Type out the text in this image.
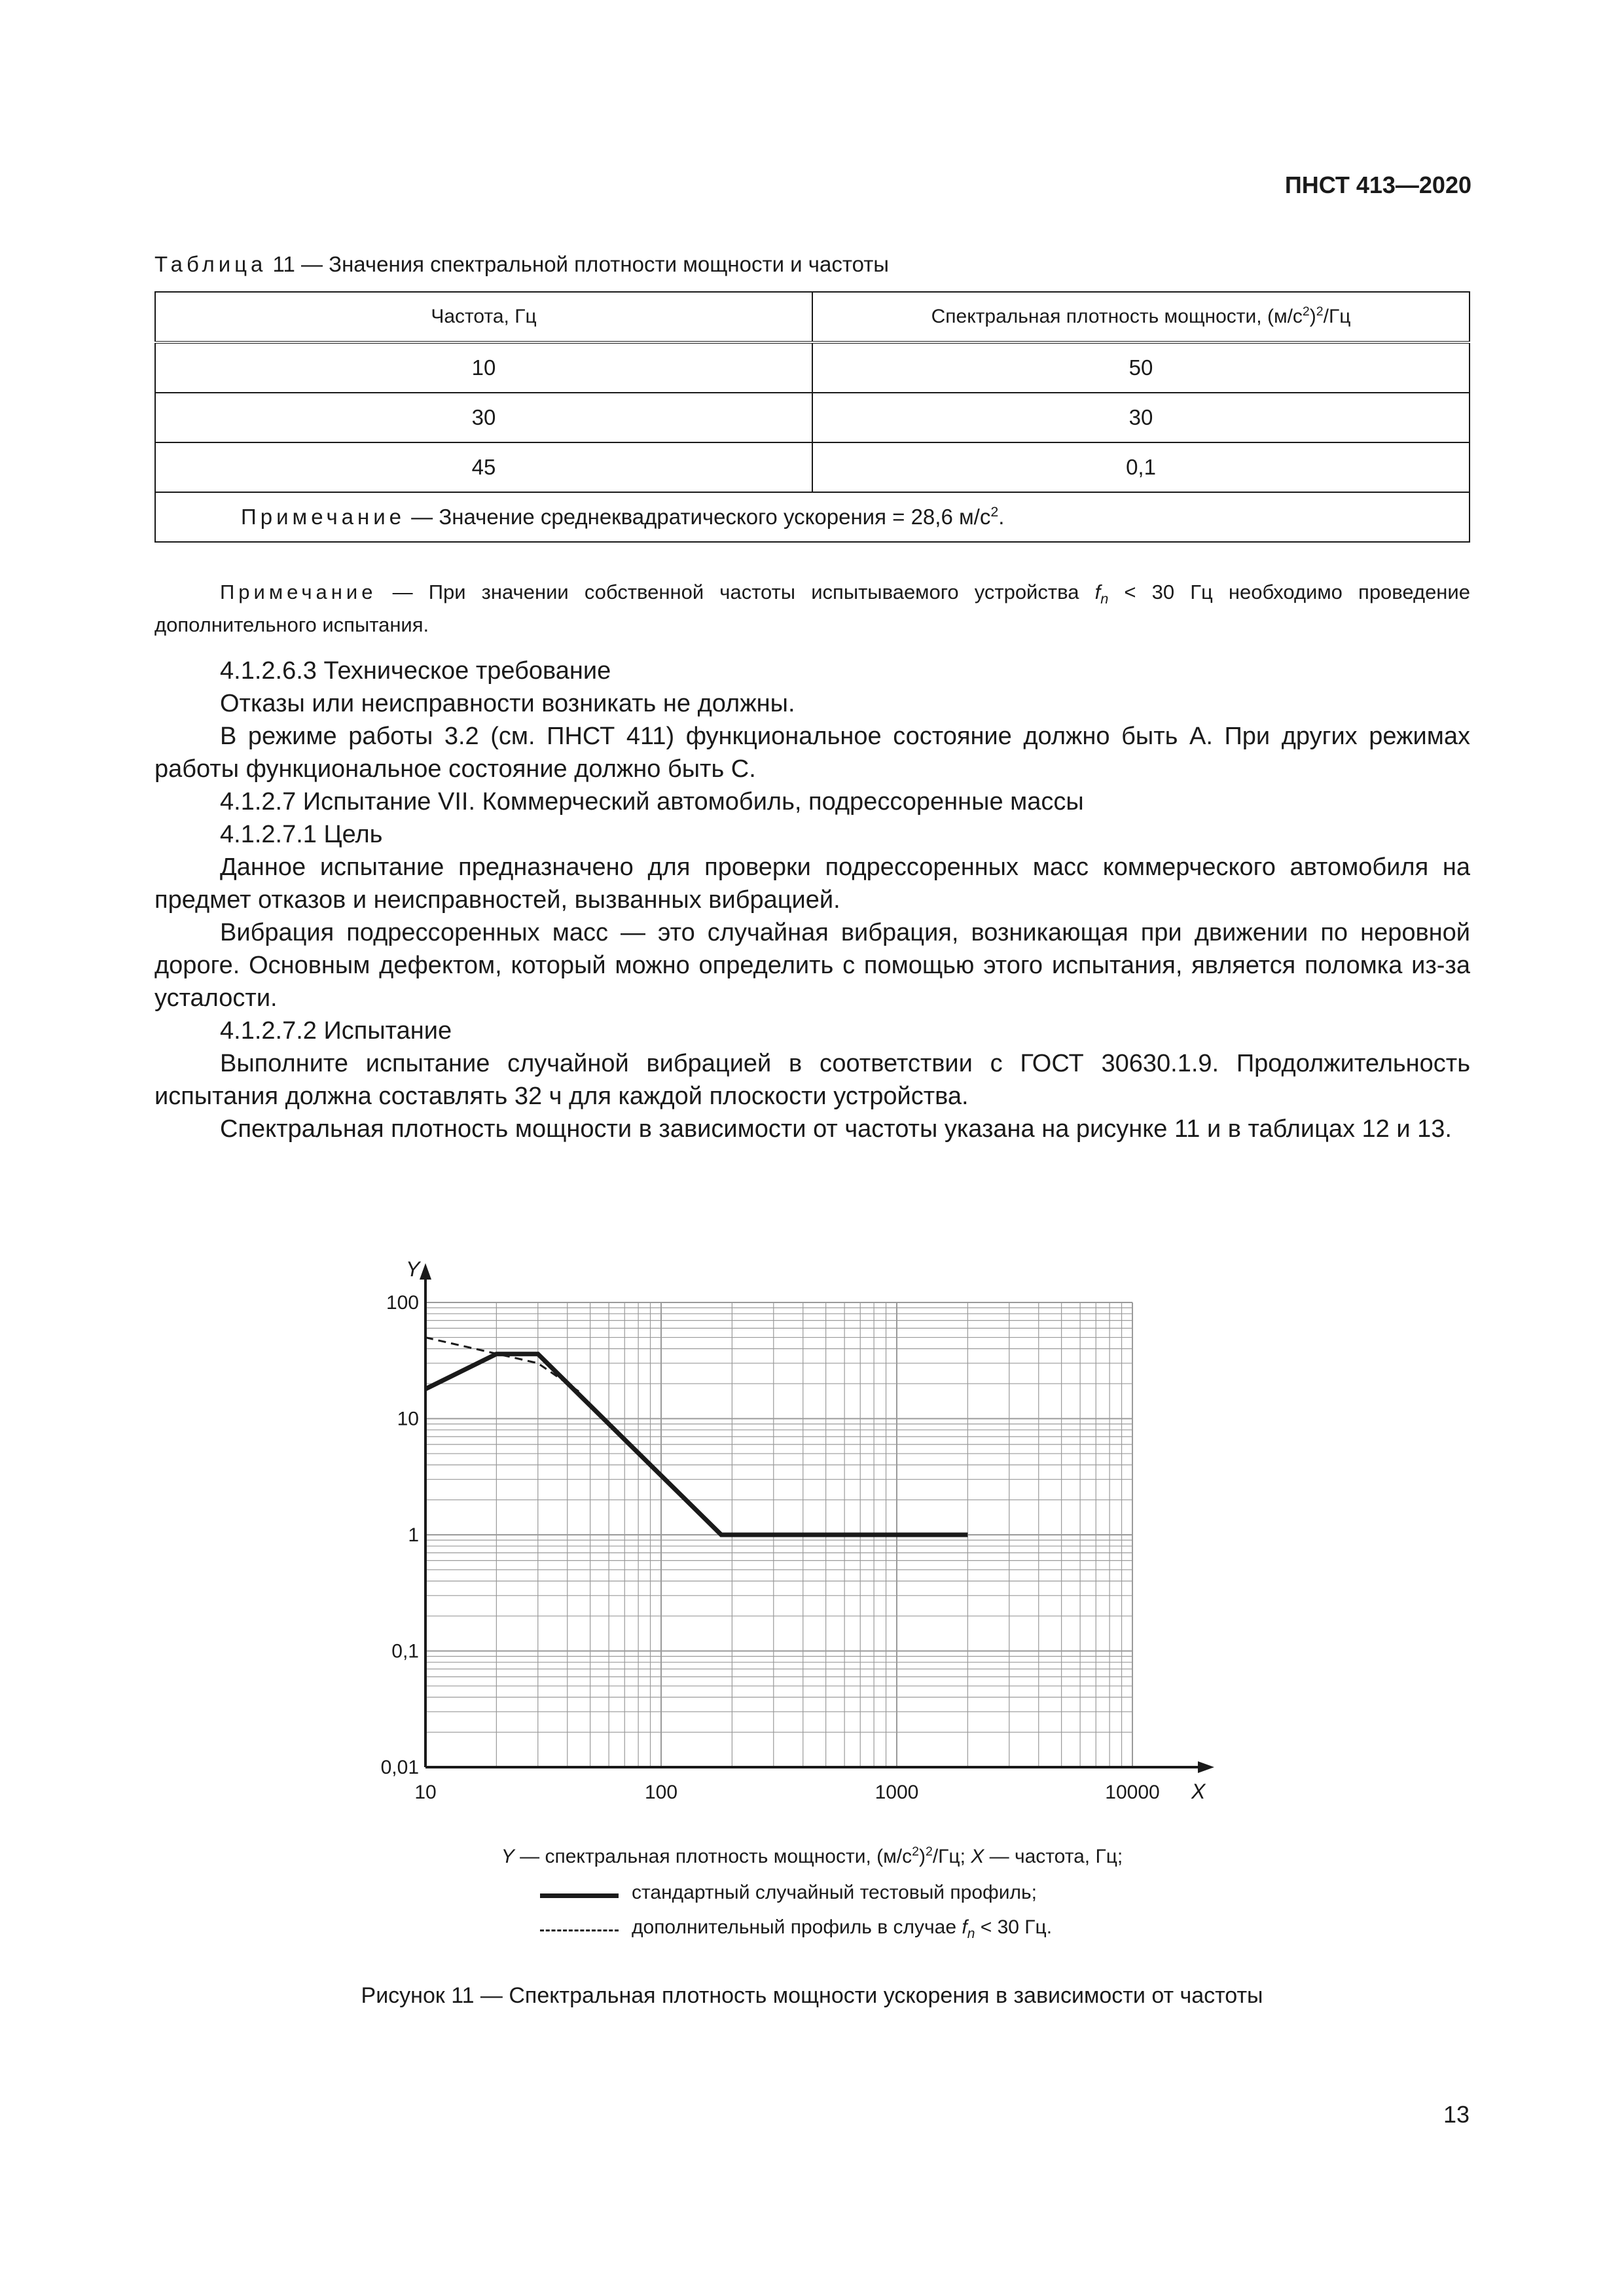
ПНСТ 413—2020
Таблица 11 — Значения спектральной плотности мощности и частоты
Частота, Гц	Спектральная плотность мощности, $(м/с^2)^2/Гц$
10	50
30	30
45	0,1
Примечание — Значение среднеквадратического ускорения = 28,6 $м/с^2$.	
Примечание — При значении собственной частоты испытываемого устройства $f_n < 30$ Гц необходимо проведение дополнительного испытания.

4.1.2.6.3 Техническое требование

Отказы или неисправности возникать не должны.

В режиме работы 3.2 (см. ПНСТ 411) функциональное состояние должно быть А. При других режимах работы функциональное состояние должно быть С.

4.1.2.7 Испытание VII. Коммерческий автомобиль, подрессоренные массы

4.1.2.7.1 Цель

Данное испытание предназначено для проверки подрессоренных масс коммерческого автомобиля на предмет отказов и неисправностей, вызванных вибрацией.

Вибрация подрессоренных масс — это случайная вибрация, возникающая при движении по неровной дороге. Основным дефектом, который можно определить с помощью этого испытания, является поломка из-за усталости.

4.1.2.7.2 Испытание

Выполните испытание случайной вибрацией в соответствии с ГОСТ 30630.1.9. Продолжительность испытания должна составлять 32 ч для каждой плоскости устройства.

Спектральная плотность мощности в зависимости от частоты указана на рисунке 11 и в таблицах 12 и 13.

Y
X
10	100	1000	10000
0,01
0,1
1
10
100
Y — спектральная плотность мощности, $(м/с^2)^2/Гц$; X — частота, Гц;
стандартный случайный тестовый профиль;
дополнительный профиль в случае $f_n < 30$ Гц.
Рисунок 11 — Спектральная плотность мощности ускорения в зависимости от частоты
13
